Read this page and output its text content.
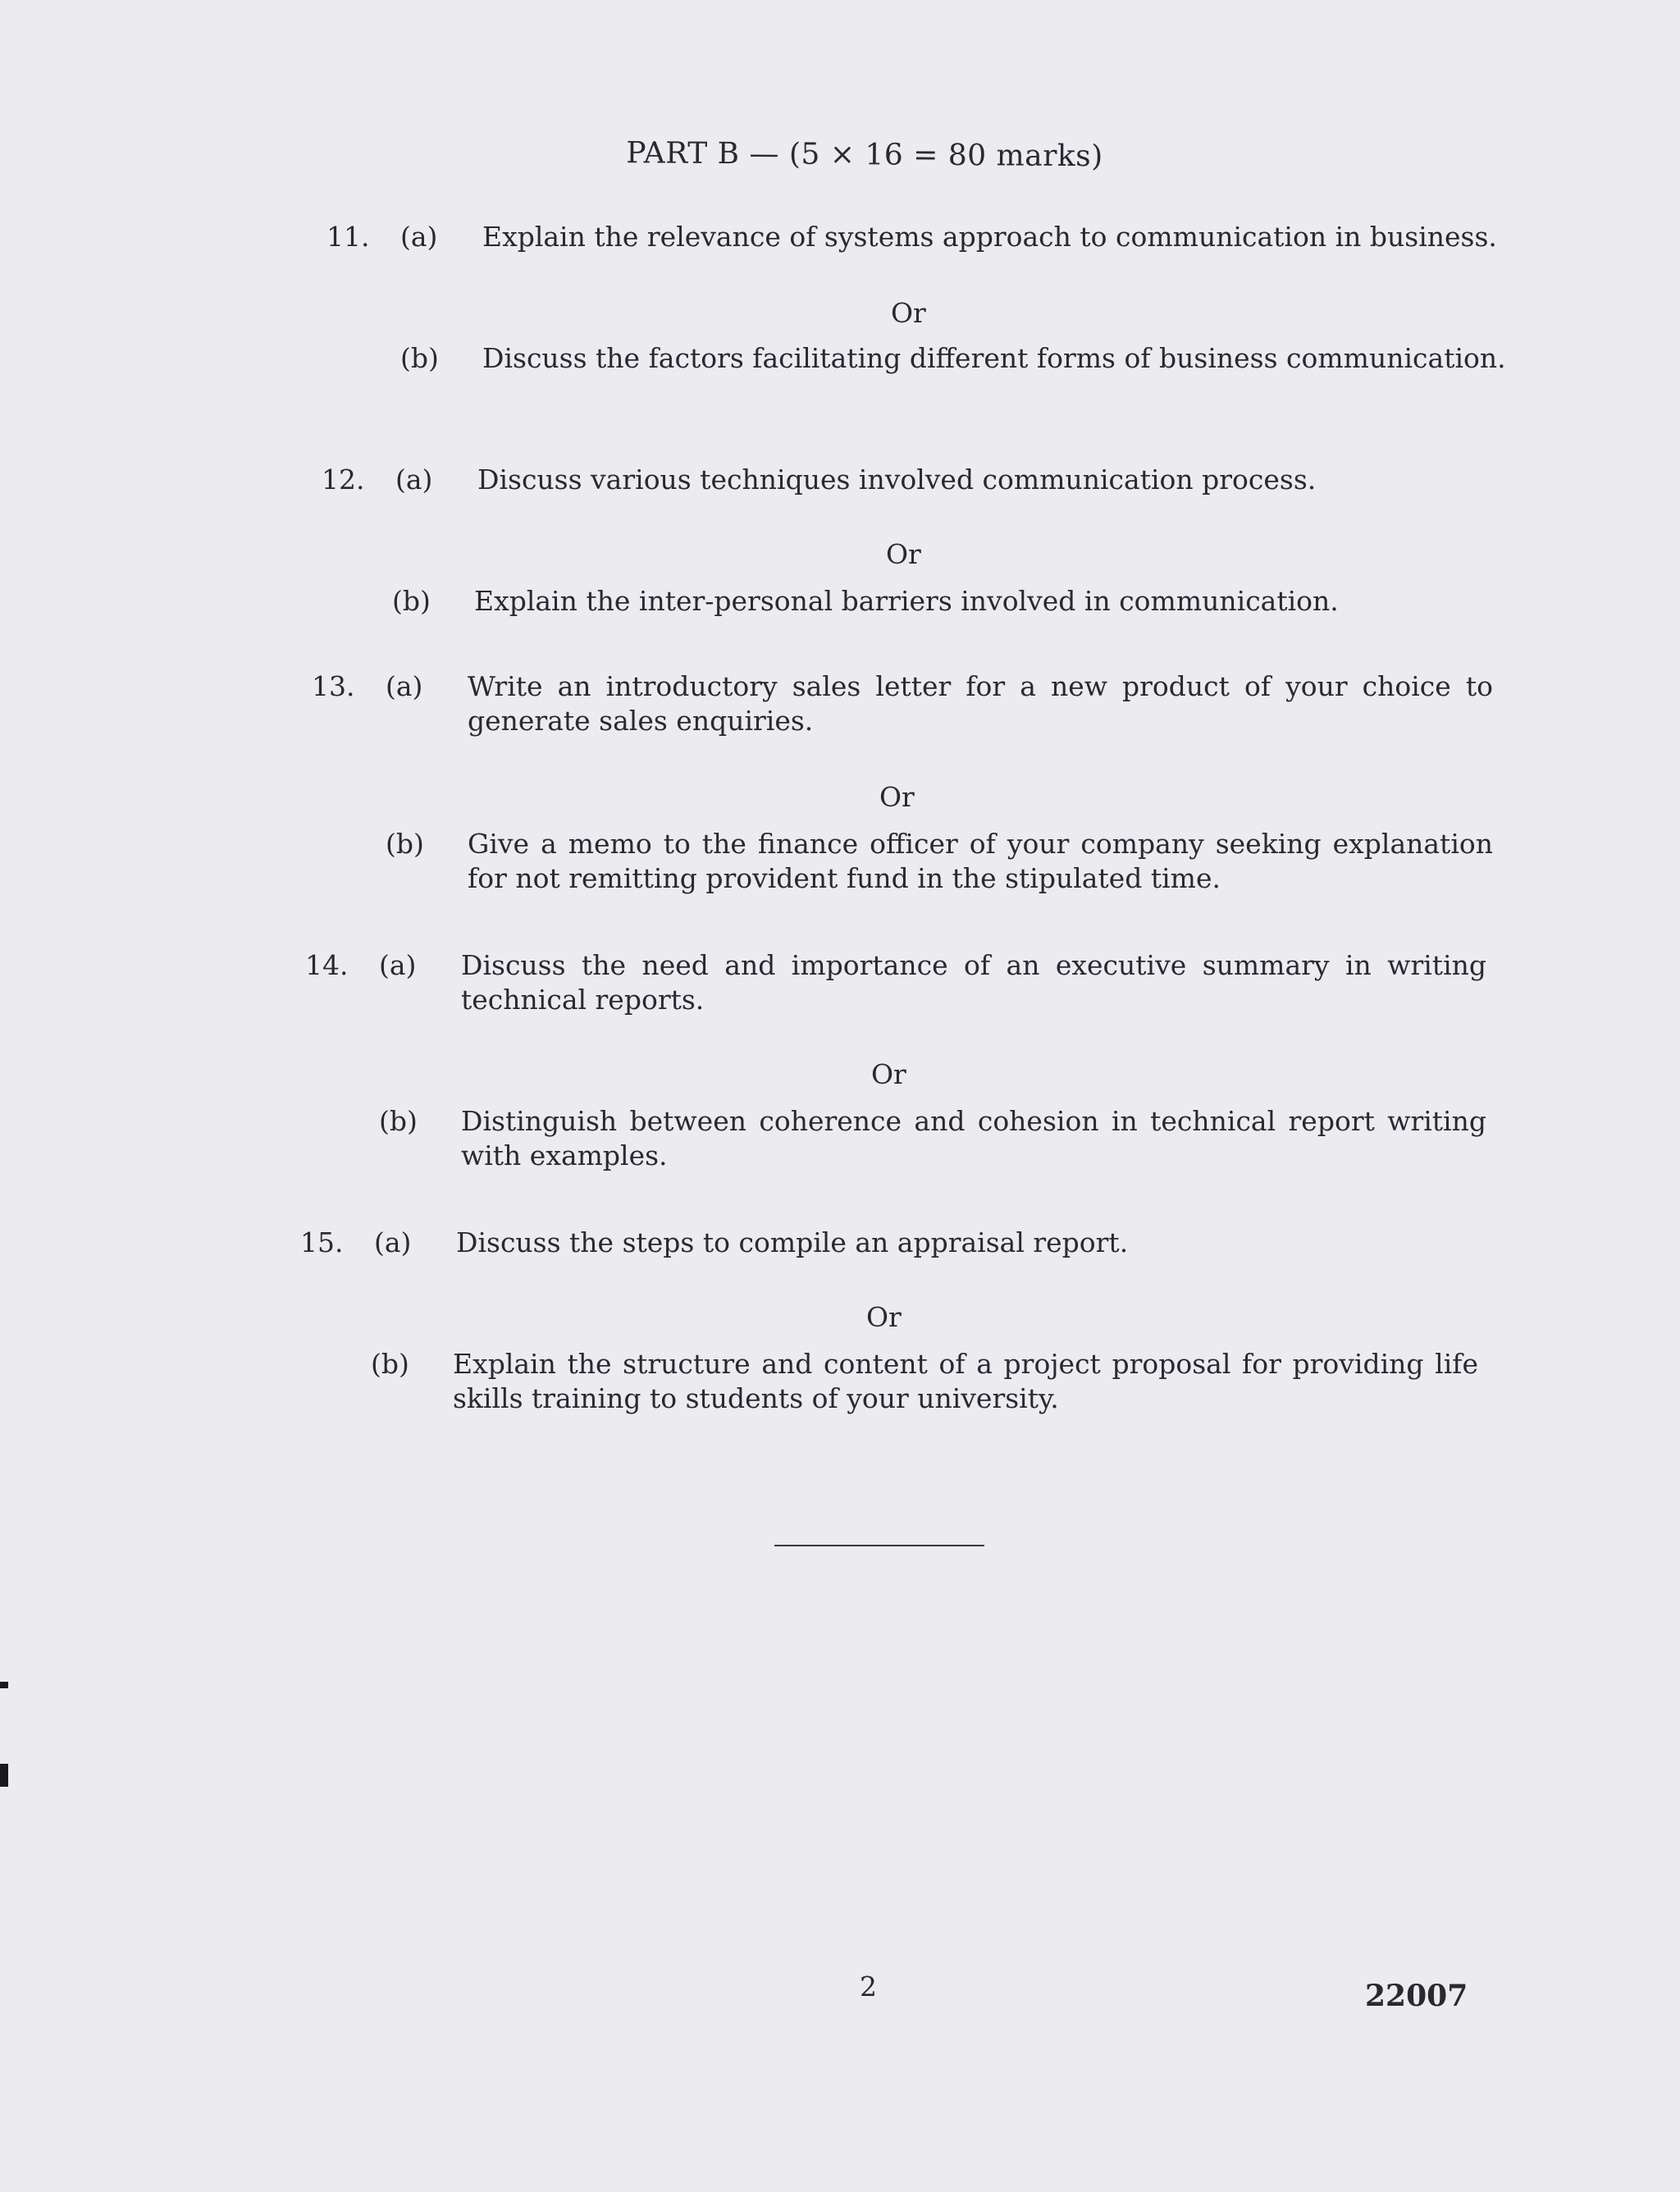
PART B — (5 × 16 = 80 marks)
11. (a) Explain the relevance of systems approach to communication in business.
Or
(b) Discuss the factors facilitating different forms of business communication.
12. (a) Discuss various techniques involved communication process.
Or
(b) Explain the inter-personal barriers involved in communication.
13. (a) Write an introductory sales letter for a new product of your choice to generate sales enquiries.
Or
(b) Give a memo to the finance officer of your company seeking explanation for not remitting provident fund in the stipulated time.
14. (a) Discuss the need and importance of an executive summary in writing technical reports.
Or
(b) Distinguish between coherence and cohesion in technical report writing with examples.
15. (a) Discuss the steps to compile an appraisal report.
Or
(b) Explain the structure and content of a project proposal for providing life skills training to students of your university.
2	22007
